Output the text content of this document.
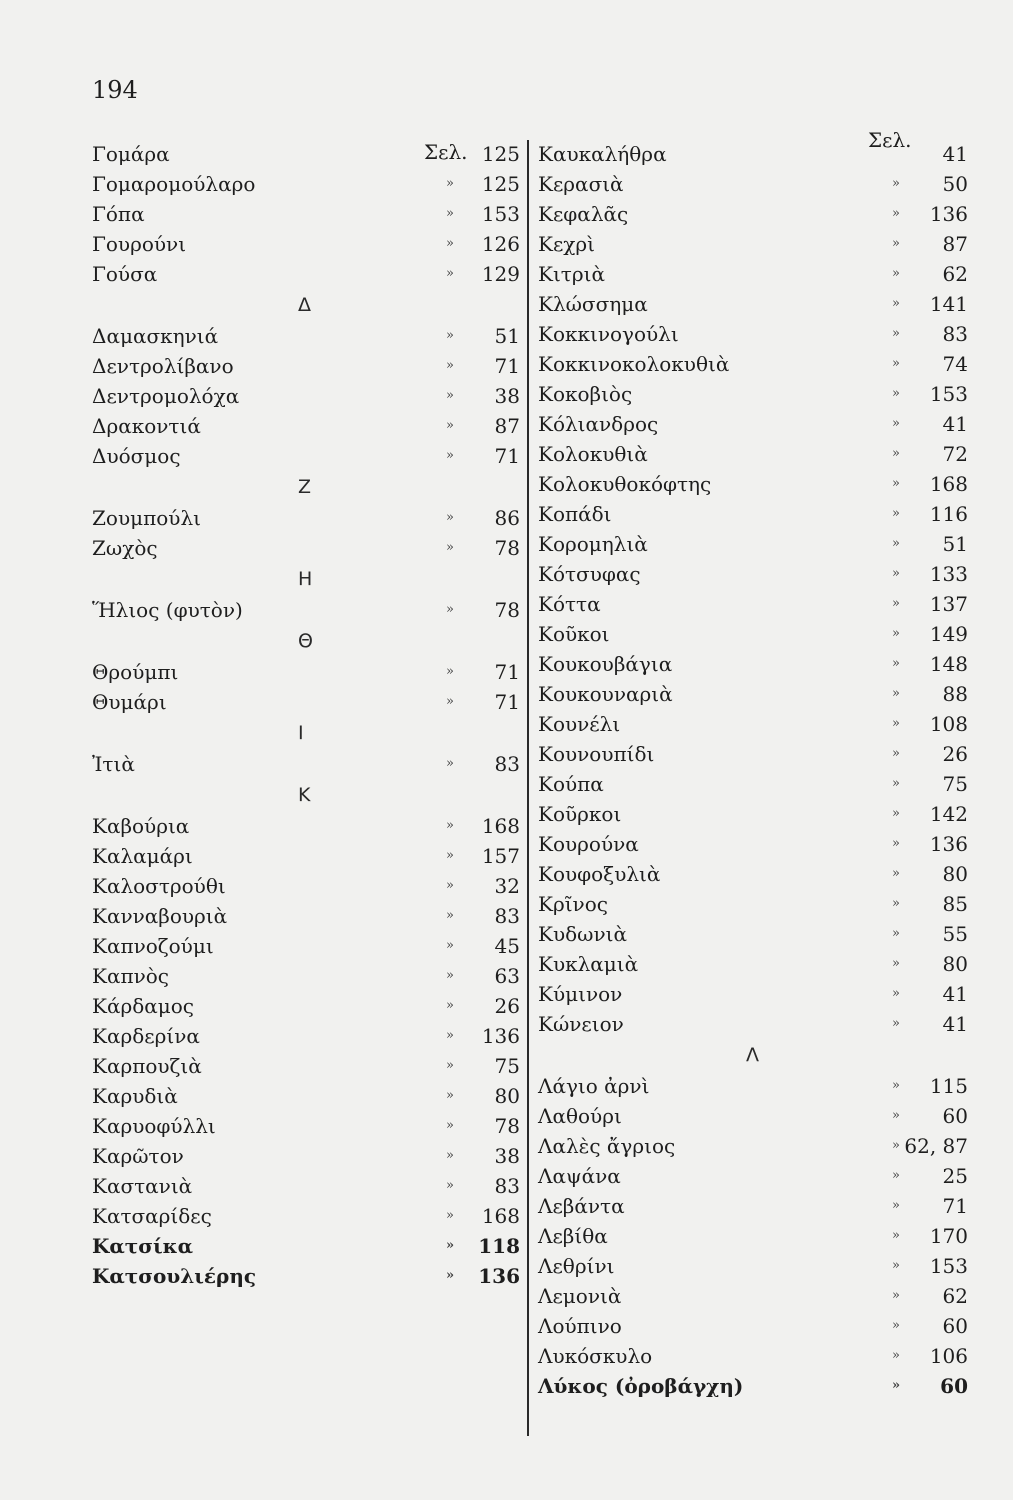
194
Σελ.
Γομάρα	125
Γομαρομούλαρο	»	125
Γόπα	»	153
Γουρούνι	»	126
Γούσα	»	129
Δ
Δαμασκηνιά	»	51
Δεντρολίβανο	»	71
Δεντρομολόχα	»	38
Δρακοντιά	»	87
Δυόσμος	»	71
Ζ
Ζουμπούλι	»	86
Ζωχὸς	»	78
Η
Ἥλιος (φυτὸν)	»	78
Θ
Θρούμπι	»	71
Θυμάρι	»	71
Ι
Ἰτιὰ	»	83
Κ
Καβούρια	»	168
Καλαμάρι	»	157
Καλοστρούθι	»	32
Κανναβουριὰ	»	83
Καπνοζούμι	»	45
Καπνὸς	»	63
Κάρδαμος	»	26
Καρδερίνα	»	136
Καρπουζιὰ	»	75
Καρυδιὰ	»	80
Καρυοφύλλι	»	78
Καρῶτον	»	38
Καστανιὰ	»	83
Κατσαρίδες	»	168
Κατσίκα	»	118
Κατσουλιέρης	»	136
Σελ.
Καυκαλήθρα	41
Κερασιὰ	»	50
Κεφαλᾶς	»	136
Κεχρὶ	»	87
Κιτριὰ	»	62
Κλώσσημα	»	141
Κοκκινογούλι	»	83
Κοκκινοκολοκυθιὰ	»	74
Κοκοβιὸς	»	153
Κόλιανδρος	»	41
Κολοκυθιὰ	»	72
Κολοκυθοκόφτης	»	168
Κοπάδι	»	116
Κορομηλιὰ	»	51
Κότσυφας	»	133
Κόττα	»	137
Κοῦκοι	»	149
Κουκουβάγια	»	148
Κουκουναριὰ	»	88
Κουνέλι	»	108
Κουνουπίδι	»	26
Κούπα	»	75
Κοῦρκοι	»	142
Κουρούνα	»	136
Κουφοξυλιὰ	»	80
Κρῖνος	»	85
Κυδωνιὰ	»	55
Κυκλαμιὰ	»	80
Κύμινον	»	41
Κώνειον	»	41
Λ
Λάγιο ἀρνὶ	»	115
Λαθούρι	»	60
Λαλὲς ἄγριος	» 62, 87
Λαψάνα	»	25
Λεβάντα	»	71
Λεβίθα	»	170
Λεθρίνι	»	153
Λεμονιὰ	»	62
Λούπινο	»	60
Λυκόσκυλο	»	106
Λύκος (ὀροβάγχη)	»	60
